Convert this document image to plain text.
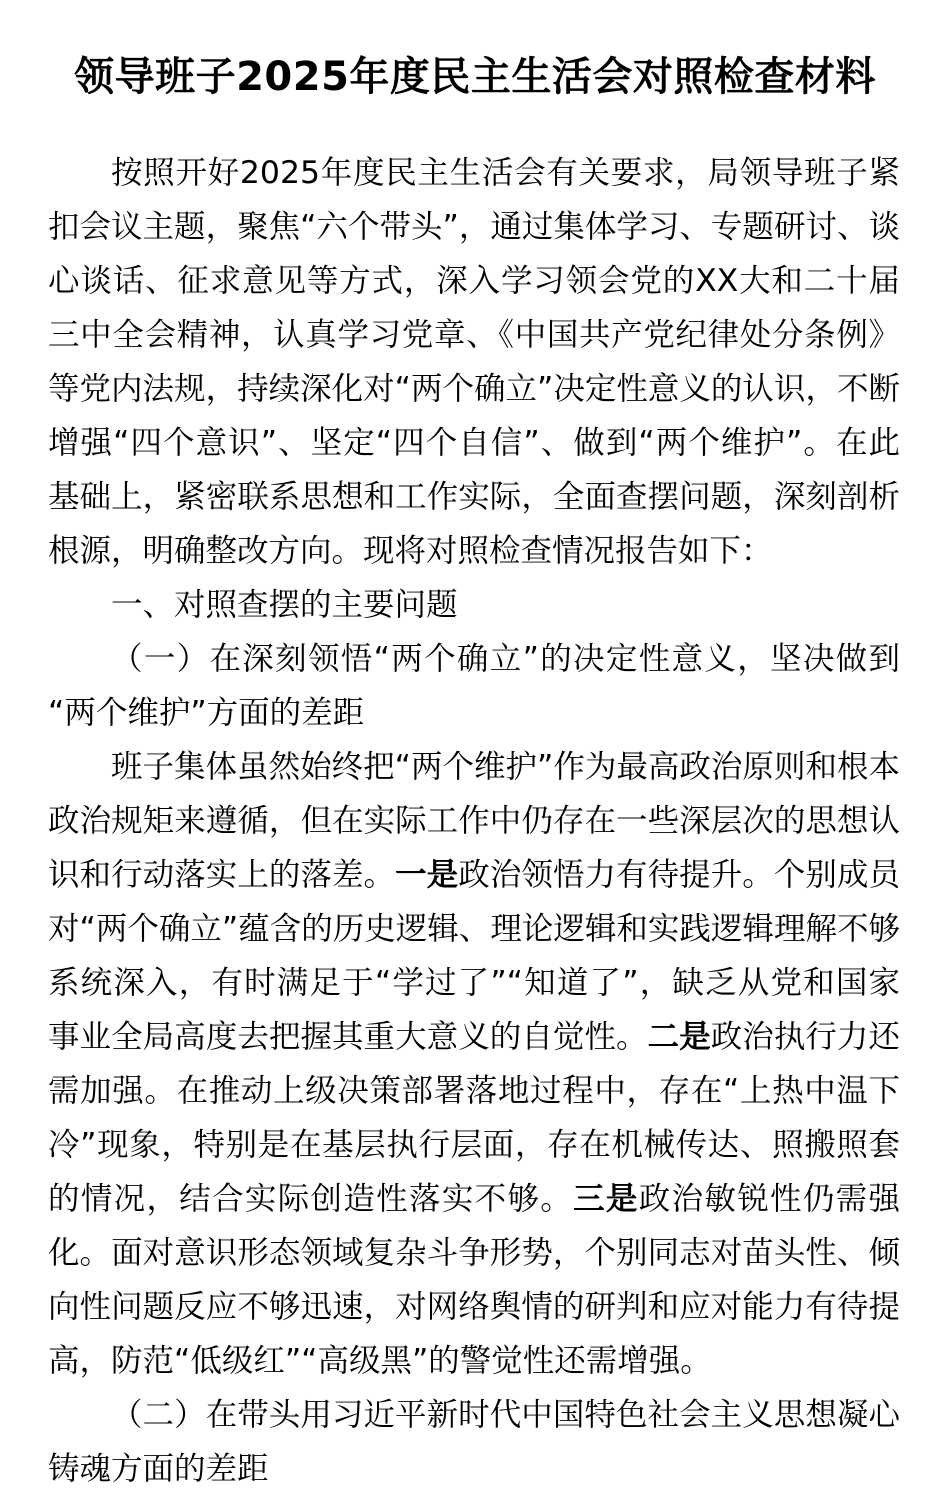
领导班子2025年度民主生活会对照检查材料

按照开好2025年度民主生活会有关要求，局领导班子紧扣会议主题，聚焦“六个带头”，通过集体学习、专题研讨、谈心谈话、征求意见等方式，深入学习领会党的XX大和二十届三中全会精神，认真学习党章、《中国共产党纪律处分条例》等党内法规，持续深化对“两个确立”决定性意义的认识，不断增强“四个意识”、坚定“四个自信”、做到“两个维护”。在此基础上，紧密联系思想和工作实际，全面查摆问题，深刻剖析根源，明确整改方向。现将对照检查情况报告如下：

一、对照查摆的主要问题

（一）在深刻领悟“两个确立”的决定性意义，坚决做到“两个维护”方面的差距

班子集体虽然始终把“两个维护”作为最高政治原则和根本政治规矩来遵循，但在实际工作中仍存在一些深层次的思想认识和行动落实上的落差。一是政治领悟力有待提升。个别成员对“两个确立”蕴含的历史逻辑、理论逻辑和实践逻辑理解不够系统深入，有时满足于“学过了”“知道了”，缺乏从党和国家事业全局高度去把握其重大意义的自觉性。二是政治执行力还需加强。在推动上级决策部署落地过程中，存在“上热中温下冷”现象，特别是在基层执行层面，存在机械传达、照搬照套的情况，结合实际创造性落实不够。三是政治敏锐性仍需强化。面对意识形态领域复杂斗争形势，个别同志对苗头性、倾向性问题反应不够迅速，对网络舆情的研判和应对能力有待提高，防范“低级红”“高级黑”的警觉性还需增强。

（二）在带头用习近平新时代中国特色社会主义思想凝心铸魂方面的差距
